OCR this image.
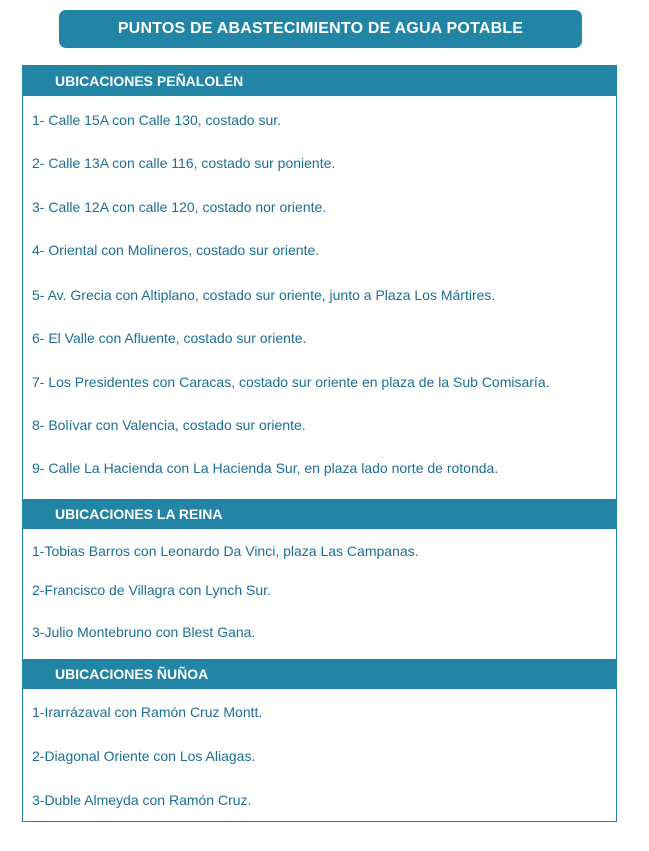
PUNTOS DE ABASTECIMIENTO DE AGUA POTABLE
UBICACIONES PEÑALOLÉN
1- Calle 15A con Calle 130, costado sur.
2- Calle 13A con calle 116, costado sur poniente.
3- Calle 12A con calle 120, costado nor oriente.
4- Oriental con Molineros, costado sur oriente.
5- Av. Grecia con Altiplano, costado sur oriente, junto a Plaza Los Mártires.
6- El Valle con Afluente, costado sur oriente.
7- Los Presidentes con Caracas, costado sur oriente en plaza de la Sub Comisaría.
8- Bolívar con Valencia, costado sur oriente.
9- Calle La Hacienda con La Hacienda Sur, en plaza lado norte de rotonda.
UBICACIONES LA REINA
1-Tobias Barros con Leonardo Da Vinci, plaza Las Campanas.
2-Francisco de Villagra con Lynch Sur.
3-Julio Montebruno con Blest Gana.
UBICACIONES ÑUÑOA
1-Irarrázaval con Ramón Cruz Montt.
2-Diagonal Oriente con Los Aliagas.
3-Duble Almeyda con Ramón Cruz.
